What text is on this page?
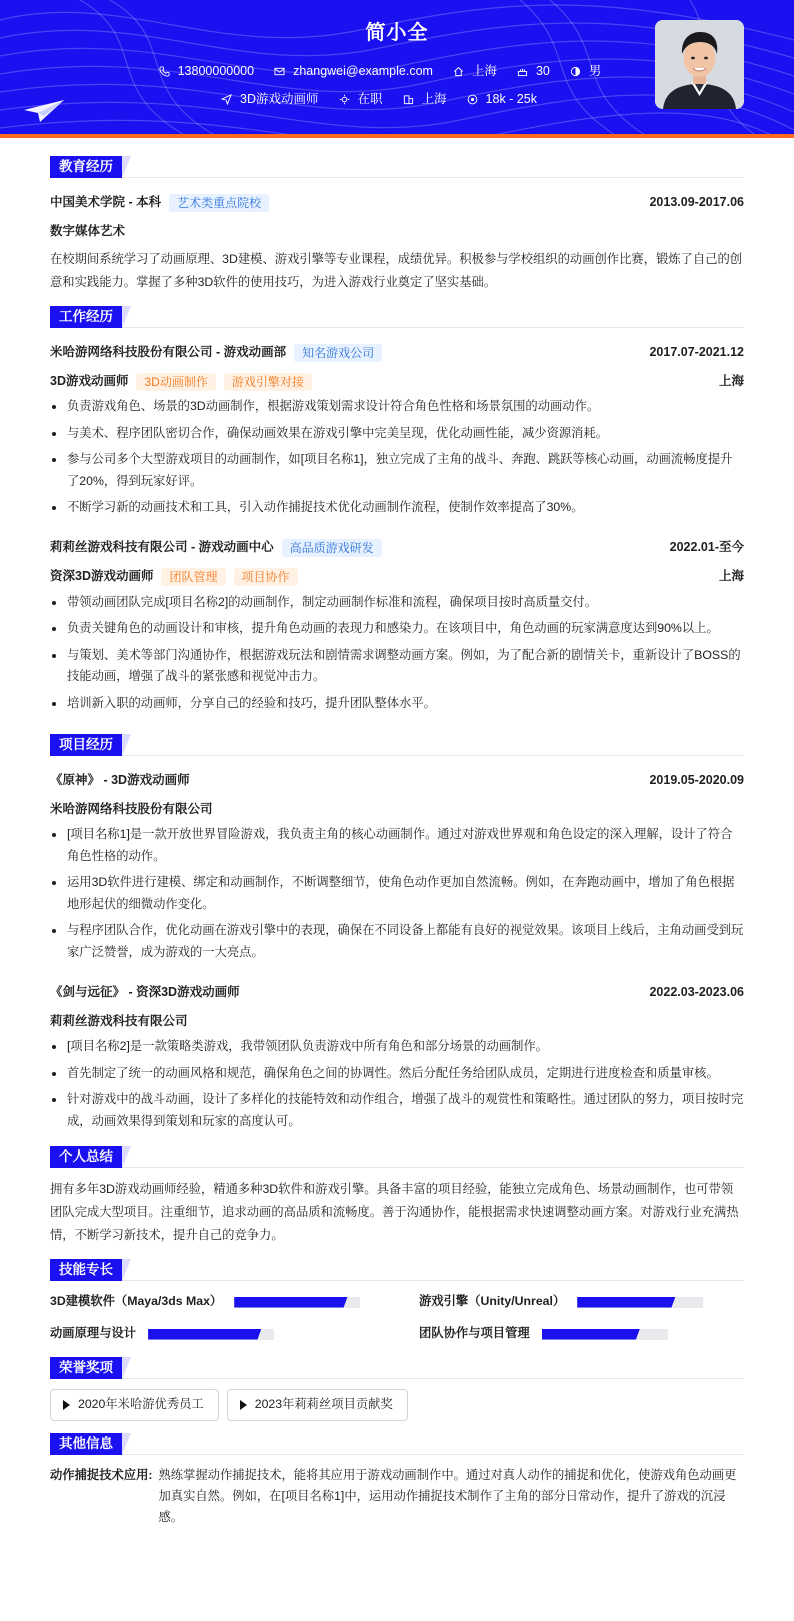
简小全
13800000000	zhangwei@example.com	上海	30	男
3D游戏动画师	在职	上海	18k - 25k
教育经历
中国美术学院 - 本科	艺术类重点院校	2013.09-2017.06
数字媒体艺术

在校期间系统学习了动画原理、3D建模、游戏引擎等专业课程，成绩优异。积极参与学校组织的动画创作比赛，锻炼了自己的创意和实践能力。掌握了多种3D软件的使用技巧，为进入游戏行业奠定了坚实基础。

工作经历
米哈游网络科技股份有限公司 - 游戏动画部	知名游戏公司	2017.07-2021.12
3D游戏动画师	3D动画制作	游戏引擎对接	上海
负责游戏角色、场景的3D动画制作，根据游戏策划需求设计符合角色性格和场景氛围的动画动作。
与美术、程序团队密切合作，确保动画效果在游戏引擎中完美呈现，优化动画性能，减少资源消耗。
参与公司多个大型游戏项目的动画制作，如[项目名称1]，独立完成了主角的战斗、奔跑、跳跃等核心动画，动画流畅度提升了20%，得到玩家好评。
不断学习新的动画技术和工具，引入动作捕捉技术优化动画制作流程，使制作效率提高了30%。
莉莉丝游戏科技有限公司 - 游戏动画中心	高品质游戏研发	2022.01-至今
资深3D游戏动画师	团队管理	项目协作	上海
带领动画团队完成[项目名称2]的动画制作，制定动画制作标准和流程，确保项目按时高质量交付。
负责关键角色的动画设计和审核，提升角色动画的表现力和感染力。在该项目中，角色动画的玩家满意度达到90%以上。
与策划、美术等部门沟通协作，根据游戏玩法和剧情需求调整动画方案。例如，为了配合新的剧情关卡，重新设计了BOSS的技能动画，增强了战斗的紧张感和视觉冲击力。
培训新入职的动画师，分享自己的经验和技巧，提升团队整体水平。
项目经历
《原神》 - 3D游戏动画师	2019.05-2020.09
米哈游网络科技股份有限公司
[项目名称1]是一款开放世界冒险游戏，我负责主角的核心动画制作。通过对游戏世界观和角色设定的深入理解，设计了符合角色性格的动作。
运用3D软件进行建模、绑定和动画制作，不断调整细节，使角色动作更加自然流畅。例如，在奔跑动画中，增加了角色根据地形起伏的细微动作变化。
与程序团队合作，优化动画在游戏引擎中的表现，确保在不同设备上都能有良好的视觉效果。该项目上线后，主角动画受到玩家广泛赞誉，成为游戏的一大亮点。
《剑与远征》 - 资深3D游戏动画师	2022.03-2023.06
莉莉丝游戏科技有限公司
[项目名称2]是一款策略类游戏，我带领团队负责游戏中所有角色和部分场景的动画制作。
首先制定了统一的动画风格和规范，确保角色之间的协调性。然后分配任务给团队成员，定期进行进度检查和质量审核。
针对游戏中的战斗动画，设计了多样化的技能特效和动作组合，增强了战斗的观赏性和策略性。通过团队的努力，项目按时完成，动画效果得到策划和玩家的高度认可。
个人总结

拥有多年3D游戏动画师经验，精通多种3D软件和游戏引擎。具备丰富的项目经验，能独立完成角色、场景动画制作，也可带领团队完成大型项目。注重细节，追求动画的高品质和流畅度。善于沟通协作，能根据需求快速调整动画方案。对游戏行业充满热情，不断学习新技术，提升自己的竞争力。

技能专长
3D建模软件（Maya/3ds Max）	游戏引擎（Unity/Unreal）
动画原理与设计	团队协作与项目管理
荣誉奖项
2020年米哈游优秀员工	2023年莉莉丝项目贡献奖
其他信息
动作捕捉技术应用: 熟练掌握动作捕捉技术，能将其应用于游戏动画制作中。通过对真人动作的捕捉和优化，使游戏角色动画更加真实自然。例如，在[项目名称1]中，运用动作捕捉技术制作了主角的部分日常动作，提升了游戏的沉浸感。
